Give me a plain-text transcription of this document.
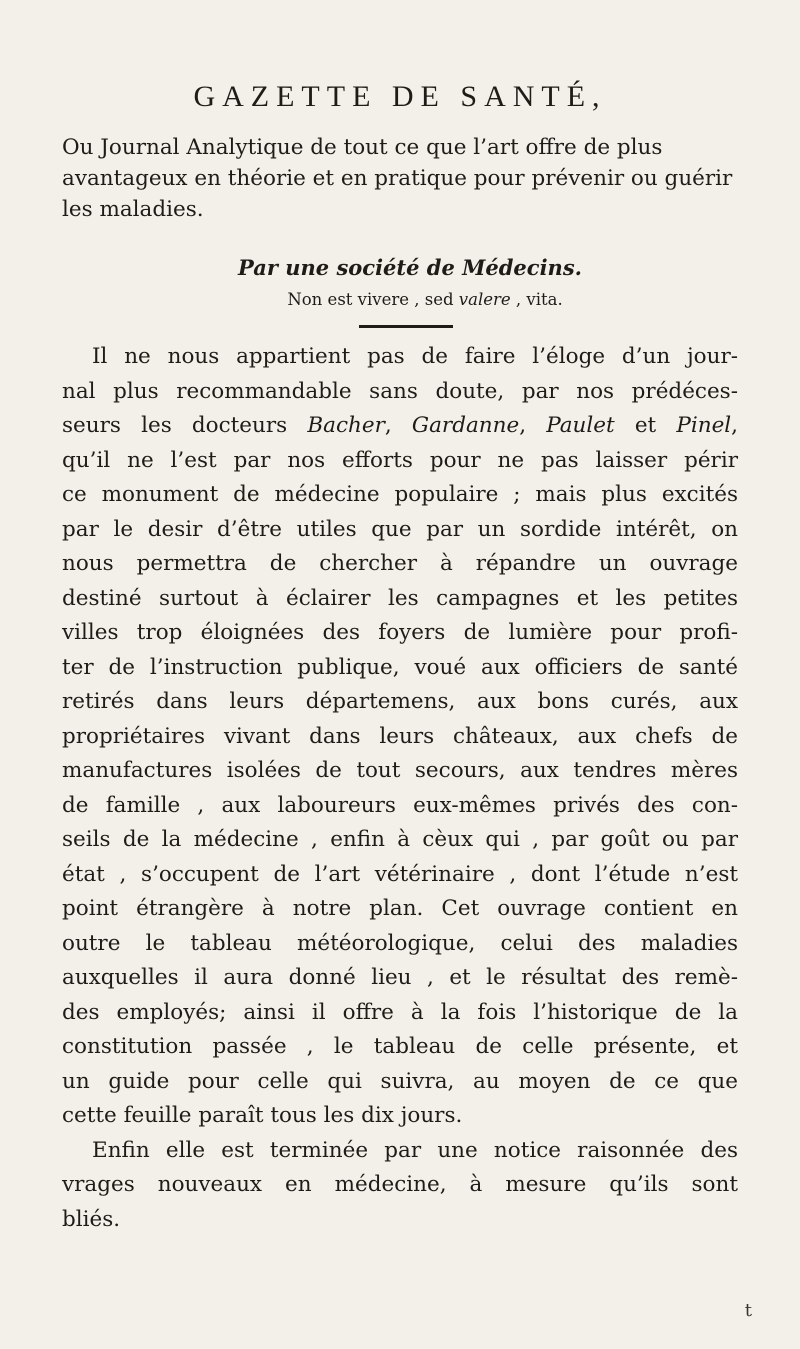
GAZETTE DE SANTÉ,

Ou Journal Analytique de tout ce que l’art offre de plus avantageux en théorie et en pratique pour prévenir ou guérir les maladies.

Par une société de Médecins.
Non est vivere , sed valere , vita.
Il ne nous appartient pas de faire l’éloge d’un jour-
nal plus recommandable sans doute, par nos prédéces-
seurs les docteurs Bacher, Gardanne, Paulet et Pinel,
qu’il ne l’est par nos efforts pour ne pas laisser périr
ce monument de médecine populaire ; mais plus excités
par le desir d’être utiles que par un sordide intérêt, on
nous permettra de chercher à répandre un ouvrage
destiné surtout à éclairer les campagnes et les petites
villes trop éloignées des foyers de lumière pour profi-
ter de l’instruction publique, voué aux officiers de santé
retirés dans leurs départemens, aux bons curés, aux
propriétaires vivant dans leurs châteaux, aux chefs de
manufactures isolées de tout secours, aux tendres mères
de famille , aux laboureurs eux-mêmes privés des con-
seils de la médecine , enfin à cèux qui , par goût ou par
état , s’occupent de l’art vétérinaire , dont l’étude n’est
point étrangère à notre plan. Cet ouvrage contient en
outre le tableau météorologique, celui des maladies
auxquelles il aura donné lieu , et le résultat des remè-
des employés; ainsi il offre à la fois l’historique de la
constitution passée , le tableau de celle présente, et
un guide pour celle qui suivra, au moyen de ce que
cette feuille paraît tous les dix jours.
Enfin elle est terminée par une notice raisonnée des
vrages nouveaux en médecine, à mesure qu’ils sont
bliés.
t
